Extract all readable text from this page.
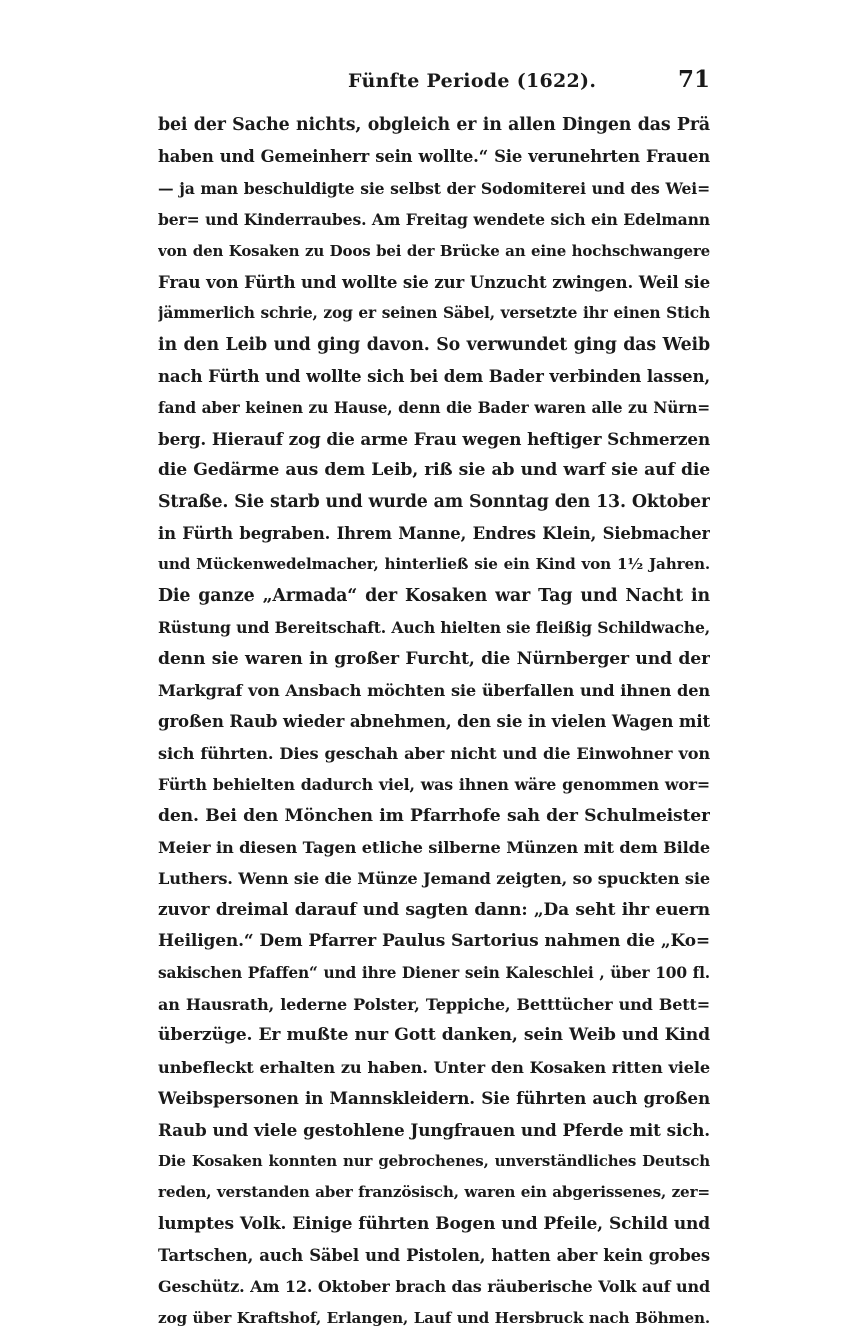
Fünfte Periode (1622).	71
bei der Sache nichts, obgleich er in allen Dingen das Prä
haben und Gemeinherr sein wollte.“ Sie verunehrten Frauen
— ja man beschuldigte sie selbst der Sodomiterei und des Wei=
ber= und Kinderraubes. Am Freitag wendete sich ein Edelmann
von den Kosaken zu Doos bei der Brücke an eine hochschwangere
Frau von Fürth und wollte sie zur Unzucht zwingen. Weil sie
jämmerlich schrie, zog er seinen Säbel, versetzte ihr einen Stich
in den Leib und ging davon. So verwundet ging das Weib
nach Fürth und wollte sich bei dem Bader verbinden lassen,
fand aber keinen zu Hause, denn die Bader waren alle zu Nürn=
berg. Hierauf zog die arme Frau wegen heftiger Schmerzen
die Gedärme aus dem Leib, riß sie ab und warf sie auf die
Straße. Sie starb und wurde am Sonntag den 13. Oktober
in Fürth begraben. Ihrem Manne, Endres Klein, Siebmacher
und Mückenwedelmacher, hinterließ sie ein Kind von 1½ Jahren.
Die ganze „Armada“ der Kosaken war Tag und Nacht in
Rüstung und Bereitschaft. Auch hielten sie fleißig Schildwache,
denn sie waren in großer Furcht, die Nürnberger und der
Markgraf von Ansbach möchten sie überfallen und ihnen den
großen Raub wieder abnehmen, den sie in vielen Wagen mit
sich führten. Dies geschah aber nicht und die Einwohner von
Fürth behielten dadurch viel, was ihnen wäre genommen wor=
den. Bei den Mönchen im Pfarrhofe sah der Schulmeister
Meier in diesen Tagen etliche silberne Münzen mit dem Bilde
Luthers. Wenn sie die Münze Jemand zeigten, so spuckten sie
zuvor dreimal darauf und sagten dann: „Da seht ihr euern
Heiligen.“ Dem Pfarrer Paulus Sartorius nahmen die „Ko=
sakischen Pfaffen“ und ihre Diener sein Kaleschlei , über 100 fl.
an Hausrath, lederne Polster, Teppiche, Betttücher und Bett=
überzüge. Er mußte nur Gott danken, sein Weib und Kind
unbefleckt erhalten zu haben. Unter den Kosaken ritten viele
Weibspersonen in Mannskleidern. Sie führten auch großen
Raub und viele gestohlene Jungfrauen und Pferde mit sich.
Die Kosaken konnten nur gebrochenes, unverständliches Deutsch
reden, verstanden aber französisch, waren ein abgerissenes, zer=
lumptes Volk. Einige führten Bogen und Pfeile, Schild und
Tartschen, auch Säbel und Pistolen, hatten aber kein grobes
Geschütz. Am 12. Oktober brach das räuberische Volk auf und
zog über Kraftshof, Erlangen, Lauf und Hersbruck nach Böhmen.
